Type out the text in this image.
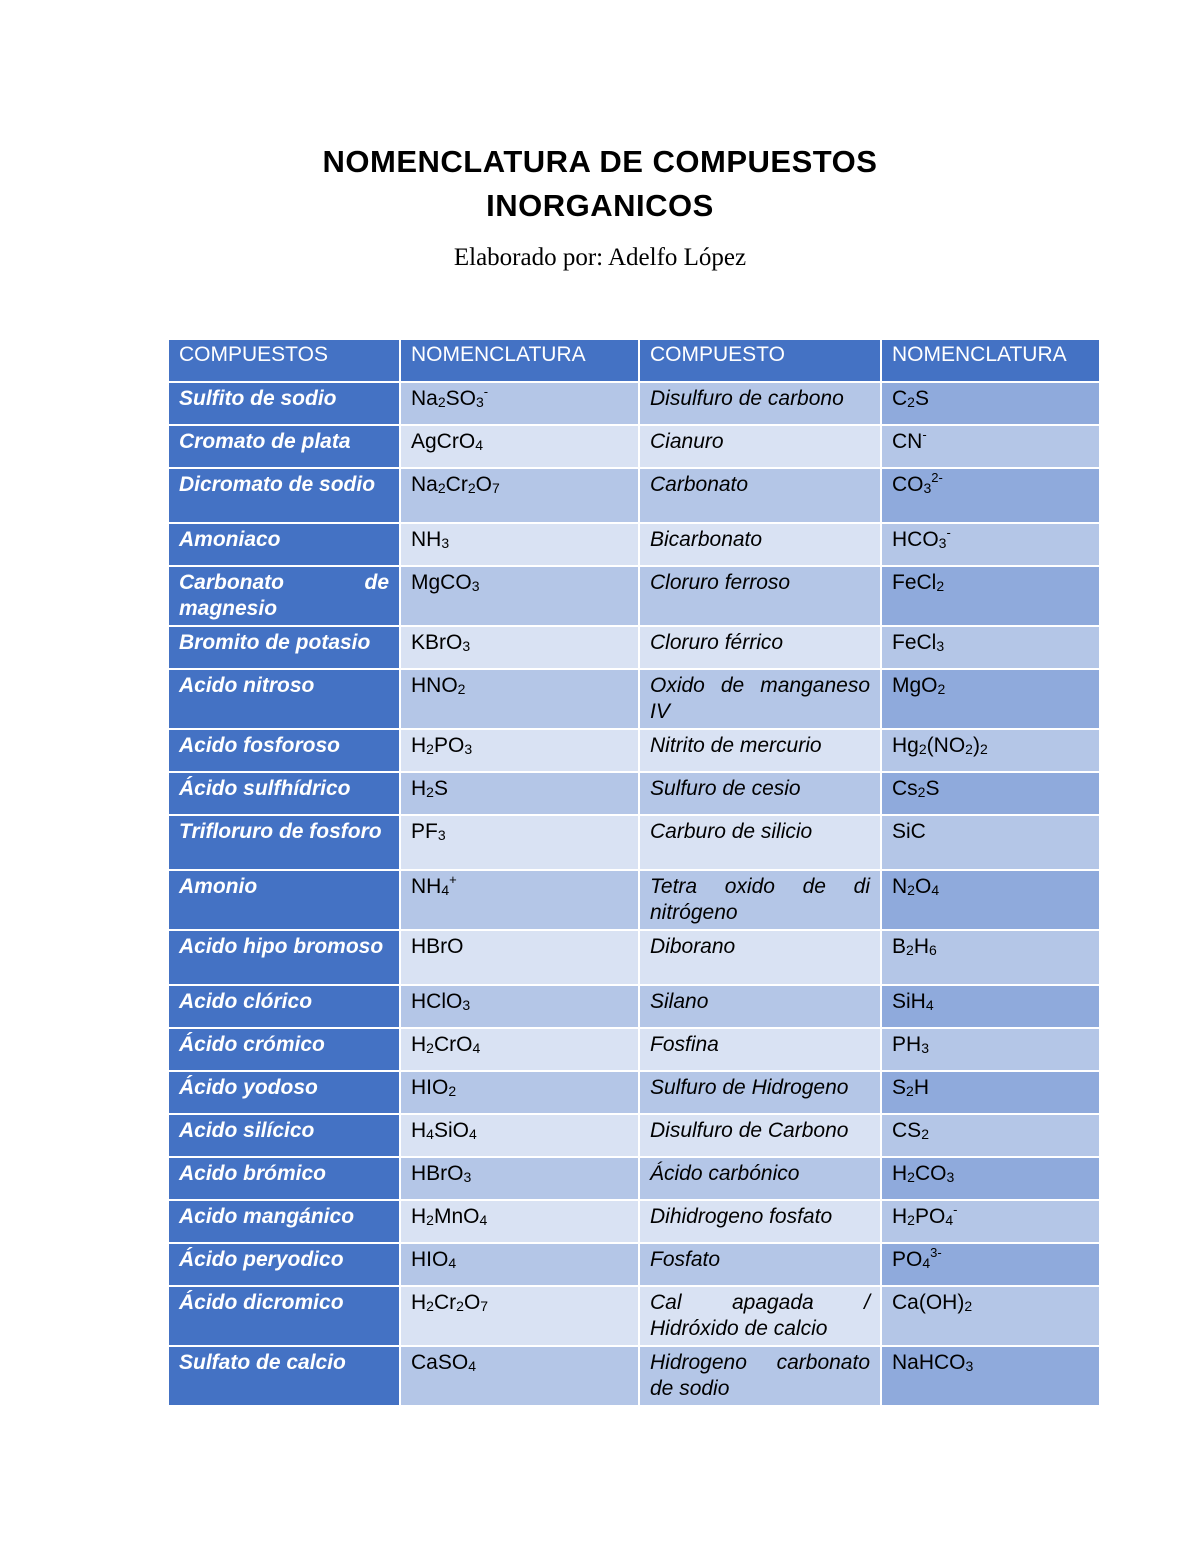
NOMENCLATURA DE COMPUESTOS
INORGANICOS
Elaborado por: Adelfo López
COMPUESTOS	NOMENCLATURA	COMPUESTO	NOMENCLATURA
Sulfito de sodio	$Na_2SO_3^-$	Disulfuro de carbono	$C_2S$
Cromato de plata	AgCrO$_4$	Cianuro	CN-
Dicromato de sodio	$Na_2Cr_2O_7$	Carbonato	$CO_3^{2-}$
Amoniaco	$NH_3$	Bicarbonato	$HCO_3^-$
Carbonato de magnesio	MgCO$_3$	Cloruro ferroso	FeCl$_2$
Bromito de potasio	KBrO$_3$	Cloruro férrico	FeCl$_3$
Acido nitroso	$HNO_2$	Oxido de manganeso IV	MgO$_2$
Acido fosforoso	$H_2PO_3$	Nitrito de mercurio	$Hg_2(NO_2)_2$
Ácido sulfhídrico	$H_2S$	Sulfuro de cesio	$Cs_2S$
Trifloruro de fosforo	$PF_3$	Carburo de silicio	SiC
Amonio	$NH_4^+$	Tetra oxido de di nitrógeno	$N_2O_4$
Acido hipo bromoso	HBrO	Diborano	$B_2H_6$
Acido clórico	HClO$_3$	Silano	SiH$_4$
Ácido crómico	$H_2CrO_4$	Fosfina	$PH_3$
Ácido yodoso	$HIO_2$	Sulfuro de Hidrogeno	$S_2H$
Acido silícico	$H_4SiO_4$	Disulfuro de Carbono	$CS_2$
Acido brómico	HBrO$_3$	Ácido carbónico	$H_2CO_3$
Acido mangánico	$H_2MnO_4$	Dihidrogeno fosfato	$H_2PO_4^-$
Ácido peryodico	$HIO_4$	Fosfato	$PO_4^{3-}$
Ácido dicromico	$H_2Cr_2O_7$	Cal apagada / Hidróxido de calcio	$Ca(OH)_2$
Sulfato de calcio	CaSO$_4$	Hidrogeno carbonato de sodio	NaHCO$_3$
